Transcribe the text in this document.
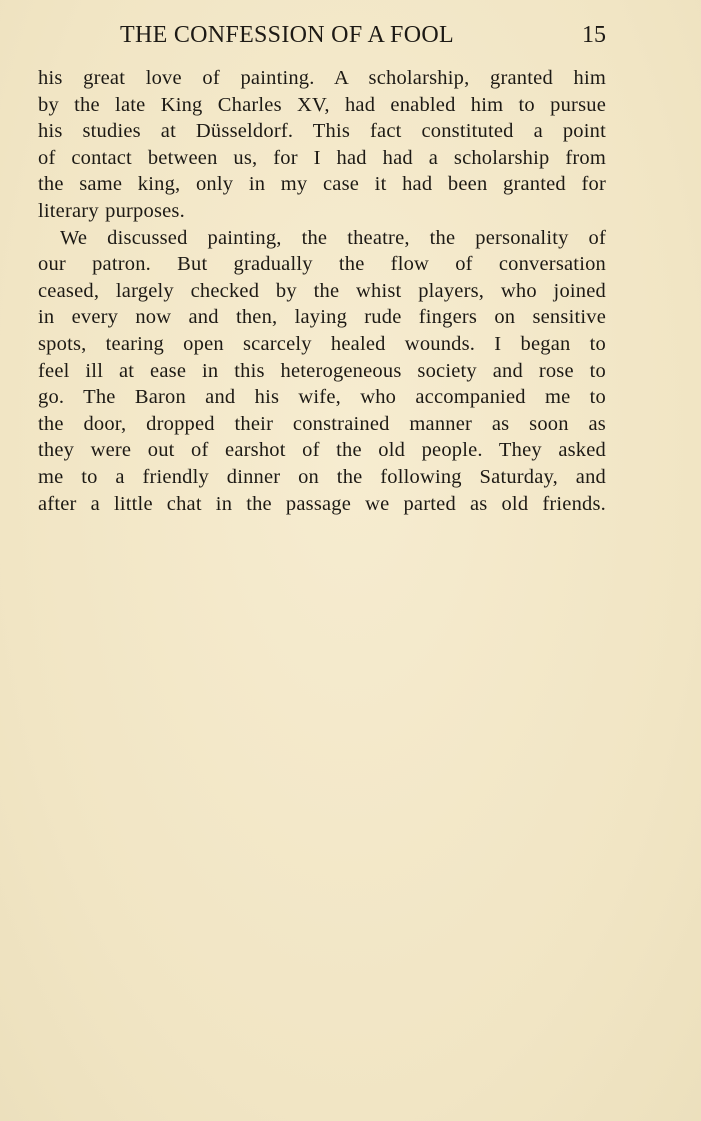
THE CONFESSION OF A FOOL	15
his great love of painting. A scholarship, granted him
by the late King Charles XV, had enabled him to pursue
his studies at Düsseldorf. This fact constituted a point
of contact between us, for I had had a scholarship from
the same king, only in my case it had been granted for
literary purposes.
We discussed painting, the theatre, the personality of
our patron. But gradually the flow of conversation
ceased, largely checked by the whist players, who joined
in every now and then, laying rude fingers on sensitive
spots, tearing open scarcely healed wounds. I began to
feel ill at ease in this heterogeneous society and rose to
go. The Baron and his wife, who accompanied me to
the door, dropped their constrained manner as soon as
they were out of earshot of the old people. They asked
me to a friendly dinner on the following Saturday, and
after a little chat in the passage we parted as old friends.
